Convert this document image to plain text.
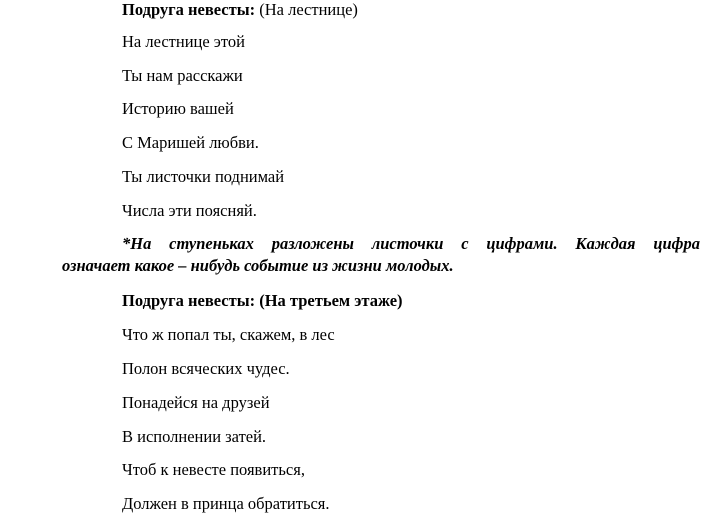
Подруга невесты: (На лестнице)
На лестнице этой
Ты нам расскажи
Историю вашей
С Маришей любви.
Ты листочки поднимай
Числа эти поясняй.
*На ступеньках разложены листочки с цифрами. Каждая цифра
означает какое – нибудь событие из жизни молодых.
Подруга невесты: (На третьем этаже)
Что ж попал ты, скажем, в лес
Полон всяческих чудес.
Понадейся на друзей
В исполнении затей.
Чтоб к невесте появиться,
Должен в принца обратиться.
